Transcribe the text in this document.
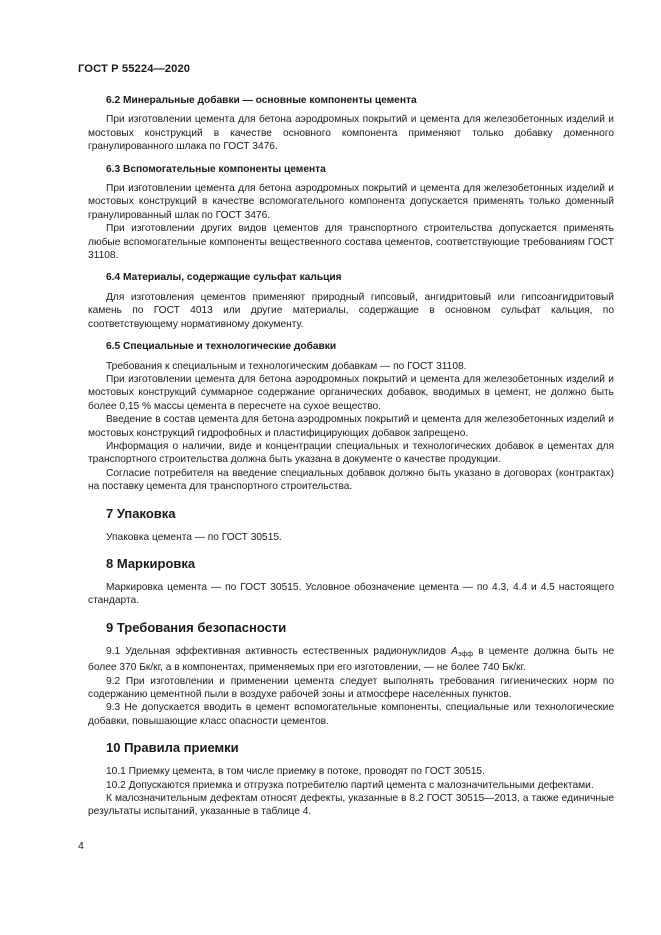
ГОСТ Р 55224—2020

6.2 Минеральные добавки — основные компоненты цемента

При изготовлении цемента для бетона аэродромных покрытий и цемента для железобетонных изделий и мостовых конструкций в качестве основного компонента применяют только добавку доменного гранулированного шлака по ГОСТ 3476.

6.3 Вспомогательные компоненты цемента

При изготовлении цемента для бетона аэродромных покрытий и цемента для железобетонных изделий и мостовых конструкций в качестве вспомогательного компонента допускается применять только доменный гранулированный шлак по ГОСТ 3476.

При изготовлении других видов цементов для транспортного строительства допускается применять любые вспомогательные компоненты вещественного состава цементов, соответствующие требованиям ГОСТ 31108.

6.4 Материалы, содержащие сульфат кальция

Для изготовления цементов применяют природный гипсовый, ангидритовый или гипсоангидритовый камень по ГОСТ 4013 или другие материалы, содержащие в основном сульфат кальция, по соответствующему нормативному документу.

6.5 Специальные и технологические добавки

Требования к специальным и технологическим добавкам — по ГОСТ 31108.

При изготовлении цемента для бетона аэродромных покрытий и цемента для железобетонных изделий и мостовых конструкций суммарное содержание органических добавок, вводимых в цемент, не должно быть более 0,15 % массы цемента в пересчете на сухое вещество.

Введение в состав цемента для бетона аэродромных покрытий и цемента для железобетонных изделий и мостовых конструкций гидрофобных и пластифицирующих добавок запрещено.

Информация о наличии, виде и концентрации специальных и технологических добавок в цементах для транспортного строительства должна быть указана в документе о качестве продукции.

Согласие потребителя на введение специальных добавок должно быть указано в договорах (контрактах) на поставку цемента для транспортного строительства.

7 Упаковка

Упаковка цемента — по ГОСТ 30515.

8 Маркировка

Маркировка цемента — по ГОСТ 30515. Условное обозначение цемента — по 4.3, 4.4 и 4.5 настоящего стандарта.

9 Требования безопасности

9.1 Удельная эффективная активность естественных радионуклидов $A_{эфф}$ в цементе должна быть не более 370 Бк/кг, а в компонентах, применяемых при его изготовлении, — не более 740 Бк/кг.

9.2 При изготовлении и применении цемента следует выполнять требования гигиенических норм по содержанию цементной пыли в воздухе рабочей зоны и атмосфере населенных пунктов.

9.3 Не допускается вводить в цемент вспомогательные компоненты, специальные или технологические добавки, повышающие класс опасности цементов.

10 Правила приемки

10.1 Приемку цемента, в том числе приемку в потоке, проводят по ГОСТ 30515.

10.2 Допускаются приемка и отгрузка потребителю партий цемента с малозначительными дефектами.

К малозначительным дефектам относят дефекты, указанные в 8.2 ГОСТ 30515—2013, а также единичные результаты испытаний, указанные в таблице 4.

4
